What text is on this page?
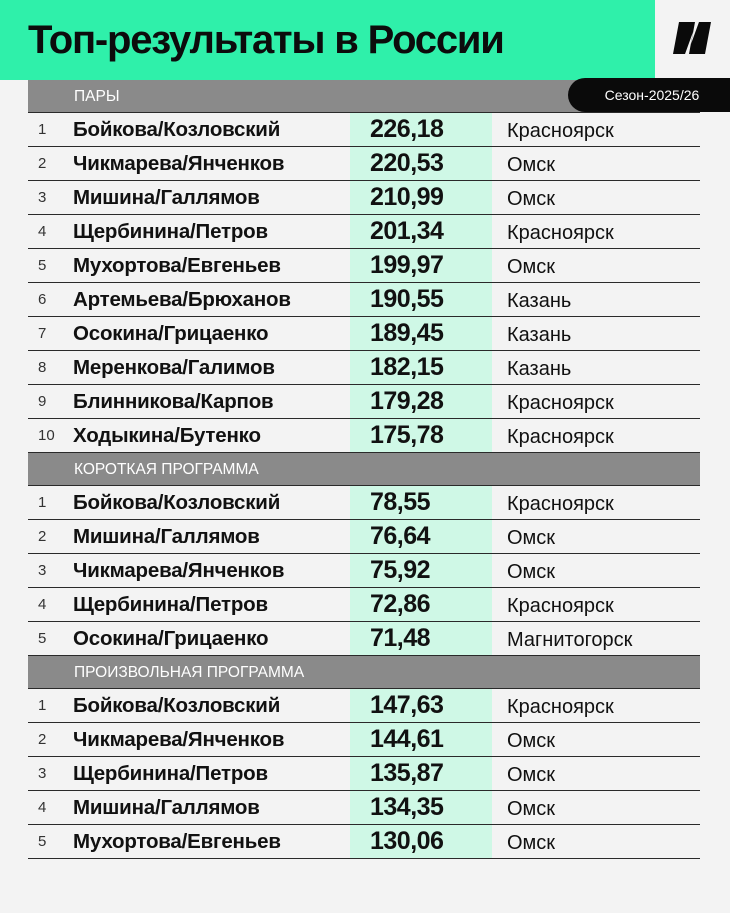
Топ-результаты в России
Сезон-2025/26
ПАРЫ
1 Бойкова/Козловский	226,18	Красноярск
2 Чикмарева/Янченков	220,53	Омск
3 Мишина/Галлямов	210,99	Омск
4 Щербинина/Петров	201,34	Красноярск
5 Мухортова/Евгеньев	199,97	Омск
6 Артемьева/Брюханов	190,55	Казань
7 Осокина/Грицаенко	189,45	Казань
8 Меренкова/Галимов	182,15	Казань
9 Блинникова/Карпов	179,28	Красноярск
10 Ходыкина/Бутенко	175,78	Красноярск
КОРОТКАЯ ПРОГРАММА
1 Бойкова/Козловский	78,55	Красноярск
2 Мишина/Галлямов	76,64	Омск
3 Чикмарева/Янченков	75,92	Омск
4 Щербинина/Петров	72,86	Красноярск
5 Осокина/Грицаенко	71,48	Магнитогорск
ПРОИЗВОЛЬНАЯ ПРОГРАММА
1 Бойкова/Козловский	147,63	Красноярск
2 Чикмарева/Янченков	144,61	Омск
3 Щербинина/Петров	135,87	Омск
4 Мишина/Галлямов	134,35	Омск
5 Мухортова/Евгеньев	130,06	Омск
